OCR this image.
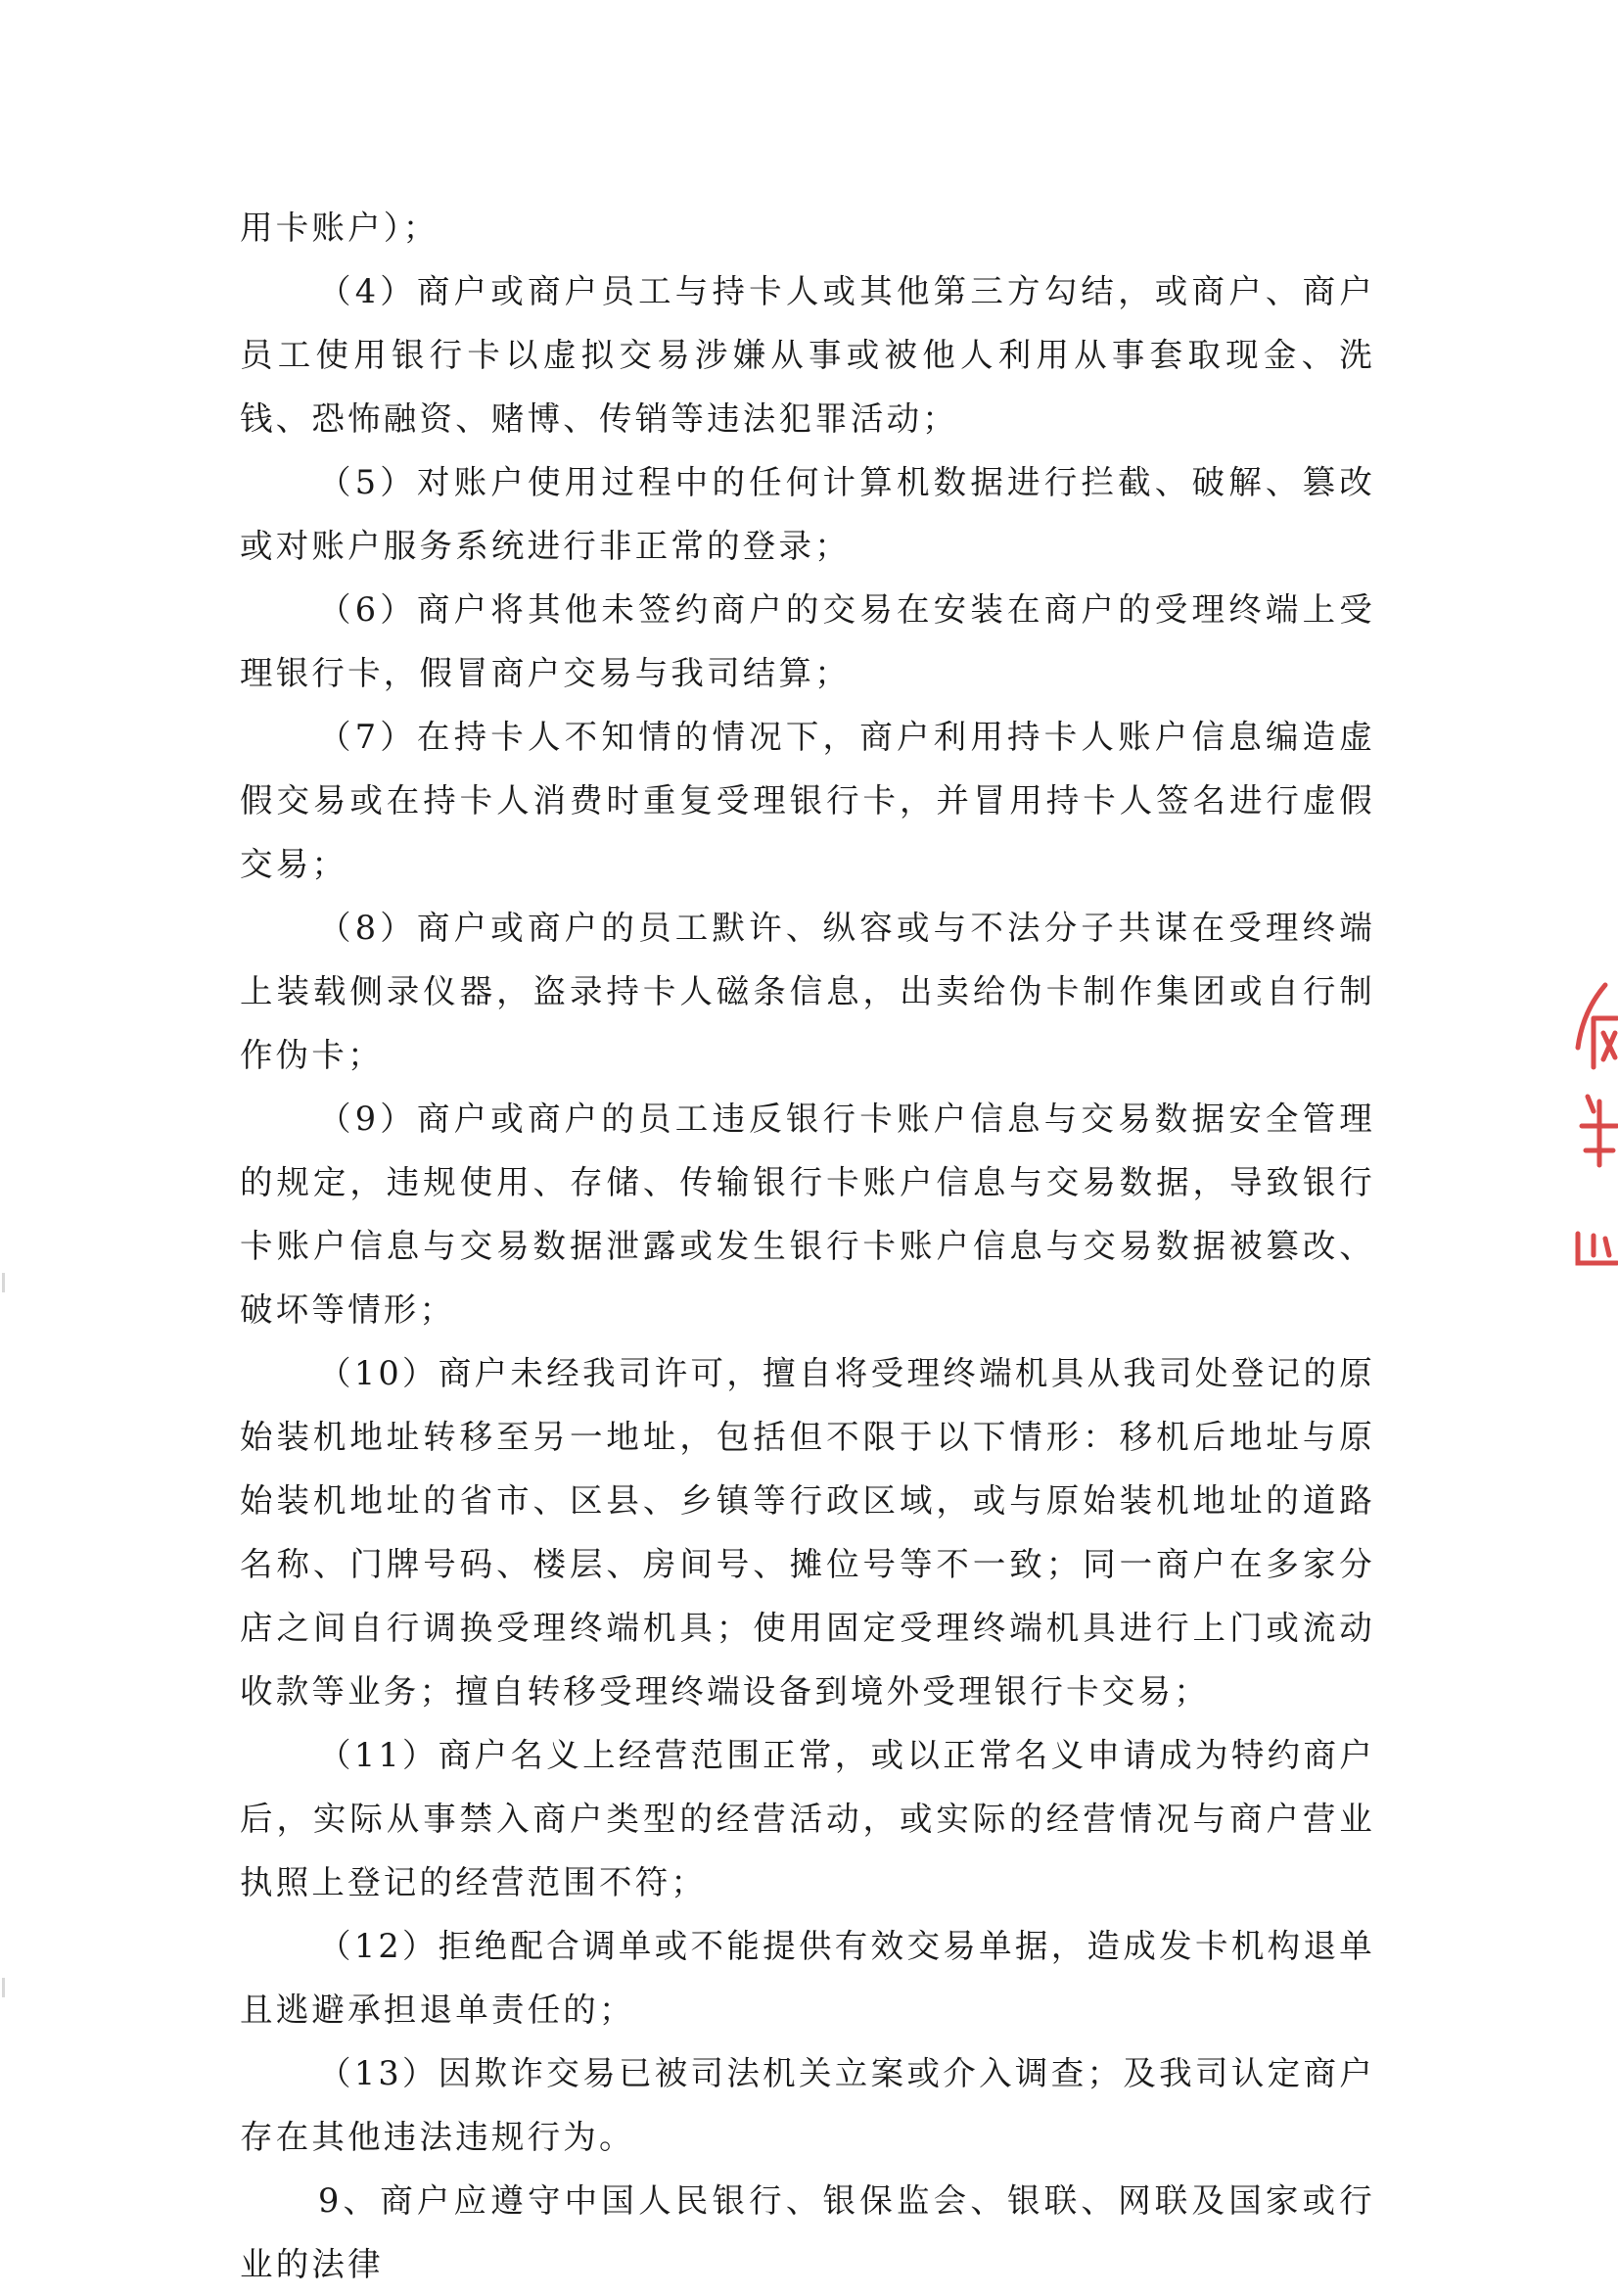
用卡账户）；

（4）商户或商户员工与持卡人或其他第三方勾结，或商户、商户员工使用银行卡以虚拟交易涉嫌从事或被他人利用从事套取现金、洗钱、恐怖融资、赌博、传销等违法犯罪活动；

（5）对账户使用过程中的任何计算机数据进行拦截、破解、篡改或对账户服务系统进行非正常的登录；

（6）商户将其他未签约商户的交易在安装在商户的受理终端上受理银行卡，假冒商户交易与我司结算；

（7）在持卡人不知情的情况下，商户利用持卡人账户信息编造虚假交易或在持卡人消费时重复受理银行卡，并冒用持卡人签名进行虚假交易；

（8）商户或商户的员工默许、纵容或与不法分子共谋在受理终端上装载侧录仪器，盗录持卡人磁条信息，出卖给伪卡制作集团或自行制作伪卡；

（9）商户或商户的员工违反银行卡账户信息与交易数据安全管理的规定，违规使用、存储、传输银行卡账户信息与交易数据，导致银行卡账户信息与交易数据泄露或发生银行卡账户信息与交易数据被篡改、破坏等情形；

（10）商户未经我司许可，擅自将受理终端机具从我司处登记的原始装机地址转移至另一地址，包括但不限于以下情形：移机后地址与原始装机地址的省市、区县、乡镇等行政区域，或与原始装机地址的道路名称、门牌号码、楼层、房间号、摊位号等不一致；同一商户在多家分店之间自行调换受理终端机具；使用固定受理终端机具进行上门或流动收款等业务；擅自转移受理终端设备到境外受理银行卡交易；

（11）商户名义上经营范围正常，或以正常名义申请成为特约商户后，实际从事禁入商户类型的经营活动，或实际的经营情况与商户营业执照上登记的经营范围不符；

（12）拒绝配合调单或不能提供有效交易单据，造成发卡机构退单且逃避承担退单责任的；

（13）因欺诈交易已被司法机关立案或介入调查；及我司认定商户存在其他违法违规行为。

9、商户应遵守中国人民银行、银保监会、银联、网联及国家或行业的法律
